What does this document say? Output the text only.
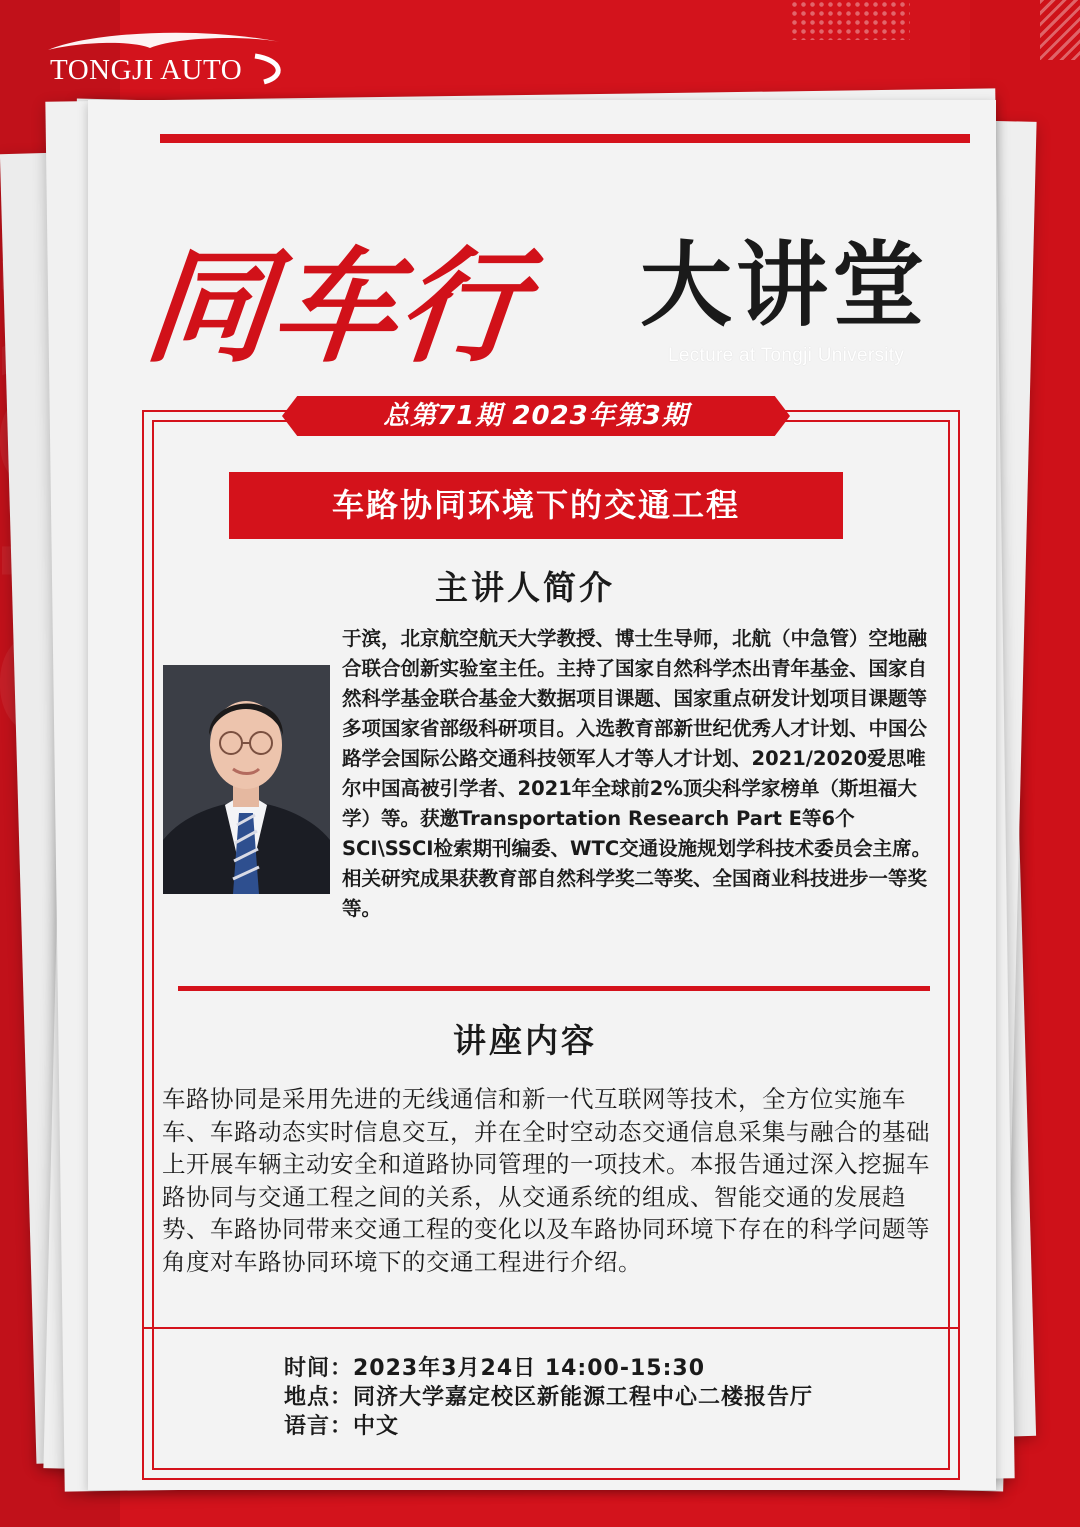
TONGJI AUTO
同车行 大讲堂
Lecture at Tongji University
总第71期 2023年第3期
车路协同环境下的交通工程
主讲人简介
于滨，北京航空航天大学教授、博士生导师，北航（中急管）空地融合联合创新实验室主任。主持了国家自然科学杰出青年基金、国家自然科学基金联合基金大数据项目课题、国家重点研发计划项目课题等多项国家省部级科研项目。入选教育部新世纪优秀人才计划、中国公路学会国际公路交通科技领军人才等人才计划、2021/2020爱思唯尔中国高被引学者、2021年全球前2%顶尖科学家榜单（斯坦福大学）等。获邀Transportation Research Part E等6个SCI\SSCI检索期刊编委、WTC交通设施规划学科技术委员会主席。相关研究成果获教育部自然科学奖二等奖、全国商业科技进步一等奖等。
讲座内容
车路协同是采用先进的无线通信和新一代互联网等技术，全方位实施车车、车路动态实时信息交互，并在全时空动态交通信息采集与融合的基础上开展车辆主动安全和道路协同管理的一项技术。本报告通过深入挖掘车路协同与交通工程之间的关系，从交通系统的组成、智能交通的发展趋势、车路协同带来交通工程的变化以及车路协同环境下存在的科学问题等角度对车路协同环境下的交通工程进行介绍。
时间：2023年3月24日 14:00-15:30
地点：同济大学嘉定校区新能源工程中心二楼报告厅
语言：中文
